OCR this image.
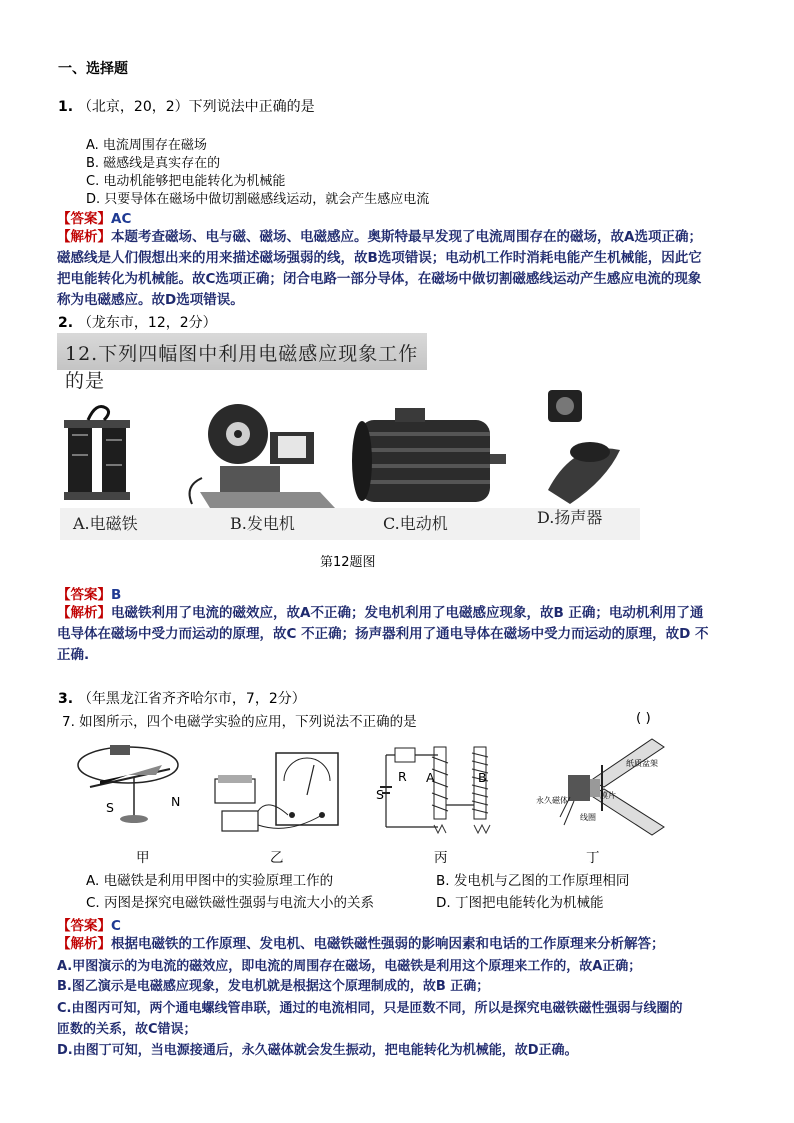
一、选择题
1. （北京，20，2）下列说法中正确的是
A. 电流周围存在磁场
B. 磁感线是真实存在的
C. 电动机能够把电能转化为机械能
D. 只要导体在磁场中做切割磁感线运动，就会产生感应电流
【答案】AC
【解析】本题考查磁场、电与磁、磁场、电磁感应。奥斯特最早发现了电流周围存在的磁场，故A选项正确；
磁感线是人们假想出来的用来描述磁场强弱的线，故B选项错误；电动机工作时消耗电能产生机械能，因此它
把电能转化为机械能。故C选项正确；闭合电路一部分导体，在磁场中做切割磁感线运动产生感应电流的现象
称为电磁感应。故D选项错误。
2. （龙东市，12，2分）
12.下列四幅图中利用电磁感应现象工作的是
A.电磁铁	B.发电机	C.电动机	D.扬声器
第12题图
【答案】B
【解析】电磁铁利用了电流的磁效应，故A不正确；发电机利用了电磁感应现象，故B 正确；电动机利用了通
电导体在磁场中受力而运动的原理，故C 不正确；扬声器利用了通电导体在磁场中受力而运动的原理，故D 不
正确.
3. （年黑龙江省齐齐哈尔市，7，2分）
7. 如图所示，四个电磁学实验的应用，下列说法不正确的是	( )
S	N
R
S
A	B
永久磁体
膜片
线圈
纸质盆架
甲	乙	丙	丁
A. 电磁铁是利用甲图中的实验原理工作的	B. 发电机与乙图的工作原理相同
C. 丙图是探究电磁铁磁性强弱与电流大小的关系	D. 丁图把电能转化为机械能
【答案】C
【解析】根据电磁铁的工作原理、发电机、电磁铁磁性强弱的影响因素和电话的工作原理来分析解答；
A.甲图演示的为电流的磁效应，即电流的周围存在磁场，电磁铁是利用这个原理来工作的，故A正确；
B.图乙演示是电磁感应现象，发电机就是根据这个原理制成的，故B 正确；
C.由图丙可知，两个通电螺线管串联，通过的电流相同，只是匝数不同，所以是探究电磁铁磁性强弱与线圈的
匝数的关系，故C错误；
D.由图丁可知，当电源接通后，永久磁体就会发生振动，把电能转化为机械能，故D正确。
